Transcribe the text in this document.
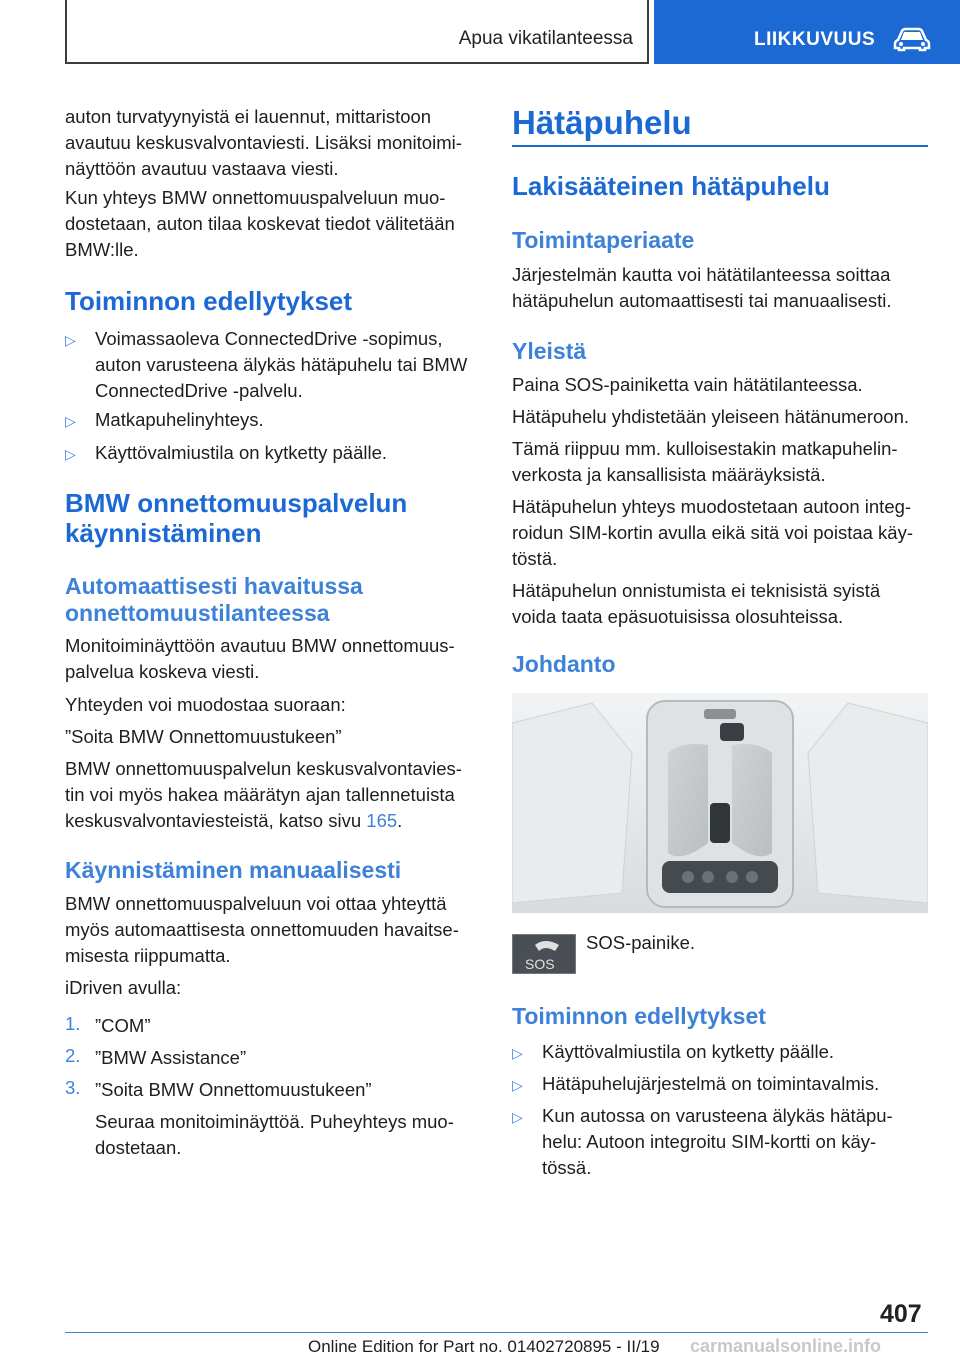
Apua vikatilanteessa	LIIKKUVUUS
auton turvatyynyistä ei lauennut, mittaristoon
avautuu keskusvalvontaviesti. Lisäksi monitoimi-
näyttöön avautuu vastaava viesti.
Kun yhteys BMW onnettomuuspalveluun muo-
dostetaan, auton tilaa koskevat tiedot välitetään
BMW:lle.
Toiminnon edellytykset
▷ Voimassaoleva ConnectedDrive -sopimus,
auton varusteena älykäs hätäpuhelu tai BMW
ConnectedDrive -palvelu.
▷ Matkapuhelinyhteys.
▷ Käyttövalmiustila on kytketty päälle.
BMW onnettomuuspalvelun
käynnistäminen
Automaattisesti havaitussa
onnettomuustilanteessa
Monitoiminäyttöön avautuu BMW onnettomuus-
palvelua koskeva viesti.
Yhteyden voi muodostaa suoraan:
”Soita BMW Onnettomuustukeen”
BMW onnettomuuspalvelun keskusvalvontavies-
tin voi myös hakea määrätyn ajan tallennetuista
keskusvalvontaviesteistä, katso sivu 165.
Käynnistäminen manuaalisesti
BMW onnettomuuspalveluun voi ottaa yhteyttä
myös automaattisesta onnettomuuden havaitse-
misesta riippumatta.
iDriven avulla:
1. ”COM”
2. ”BMW Assistance”
3. ”Soita BMW Onnettomuustukeen”
Seuraa monitoiminäyttöä. Puheyhteys muo-
dostetaan.
Hätäpuhelu
Lakisääteinen hätäpuhelu
Toimintaperiaate
Järjestelmän kautta voi hätätilanteessa soittaa
hätäpuhelun automaattisesti tai manuaalisesti.
Yleistä
Paina SOS-painiketta vain hätätilanteessa.
Hätäpuhelu yhdistetään yleiseen hätänumeroon.
Tämä riippuu mm. kulloisestakin matkapuhelin-
verkosta ja kansallisista määräyksistä.
Hätäpuhelun yhteys muodostetaan autoon integ-
roidun SIM-kortin avulla eikä sitä voi poistaa käy-
töstä.
Hätäpuhelun onnistumista ei teknisistä syistä
voida taata epäsuotuisissa olosuhteissa.
Johdanto
SOS
SOS-painike.
Toiminnon edellytykset
▷ Käyttövalmiustila on kytketty päälle.
▷ Hätäpuhelujärjestelmä on toimintavalmis.
▷ Kun autossa on varusteena älykäs hätäpu-
helu: Autoon integroitu SIM-kortti on käy-
tössä.
407
Online Edition for Part no. 01402720895 - II/19 carmanualsonline.info
